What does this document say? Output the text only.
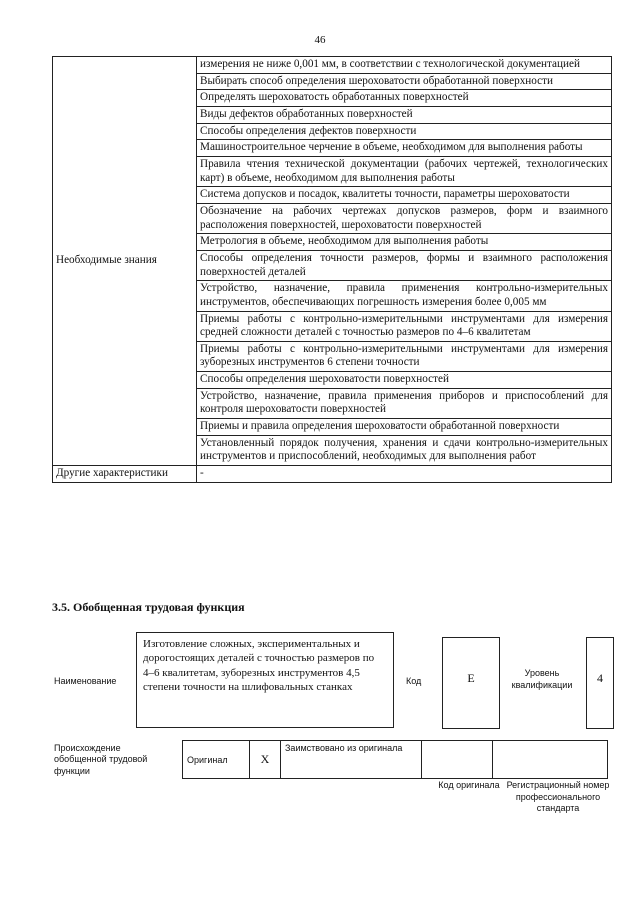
46
Необходимые знания	измерения не ниже 0,001 мм, в соответствии с технологической документацией
	Выбирать способ определения шероховатости обработанной поверхности
	Определять шероховатость обработанных поверхностей
	Виды дефектов обработанных поверхностей
	Способы определения дефектов поверхности
	Машиностроительное черчение в объеме, необходимом для выполнения работы
	Правила чтения технической документации (рабочих чертежей, технологических карт) в объеме, необходимом для выполнения работы
	Система допусков и посадок, квалитеты точности, параметры шероховатости
	Обозначение на рабочих чертежах допусков размеров, форм и взаимного расположения поверхностей, шероховатости поверхностей
	Метрология в объеме, необходимом для выполнения работы
	Способы определения точности размеров, формы и взаимного расположения поверхностей деталей
	Устройство, назначение, правила применения контрольно-измерительных инструментов, обеспечивающих погрешность измерения более 0,005 мм
	Приемы работы с контрольно-измерительными инструментами для измерения средней сложности деталей с точностью размеров по 4–6 квалитетам
	Приемы работы с контрольно-измерительными инструментами для измерения зуборезных инструментов 6 степени точности
	Способы определения шероховатости поверхностей
	Устройство, назначение, правила применения приборов и приспособлений для контроля шероховатости поверхностей
	Приемы и правила определения шероховатости обработанной поверхности
	Установленный порядок получения, хранения и сдачи контрольно-измерительных инструментов и приспособлений, необходимых для выполнения работ
Другие характеристики	-
3.5. Обобщенная трудовая функция
Наименование
Изготовление сложных, экспериментальных и дорогостоящих деталей с точностью размеров по 4–6 квалитетам, зуборезных инструментов 4,5 степени точности на шлифовальных станках	Код	E	Уровень квалификации	4
Происхождение обобщенной трудовой функции
Оригинал	X	Заимствовано из оригинала		
Код оригинала Регистрационный номер профессионального стандарта
